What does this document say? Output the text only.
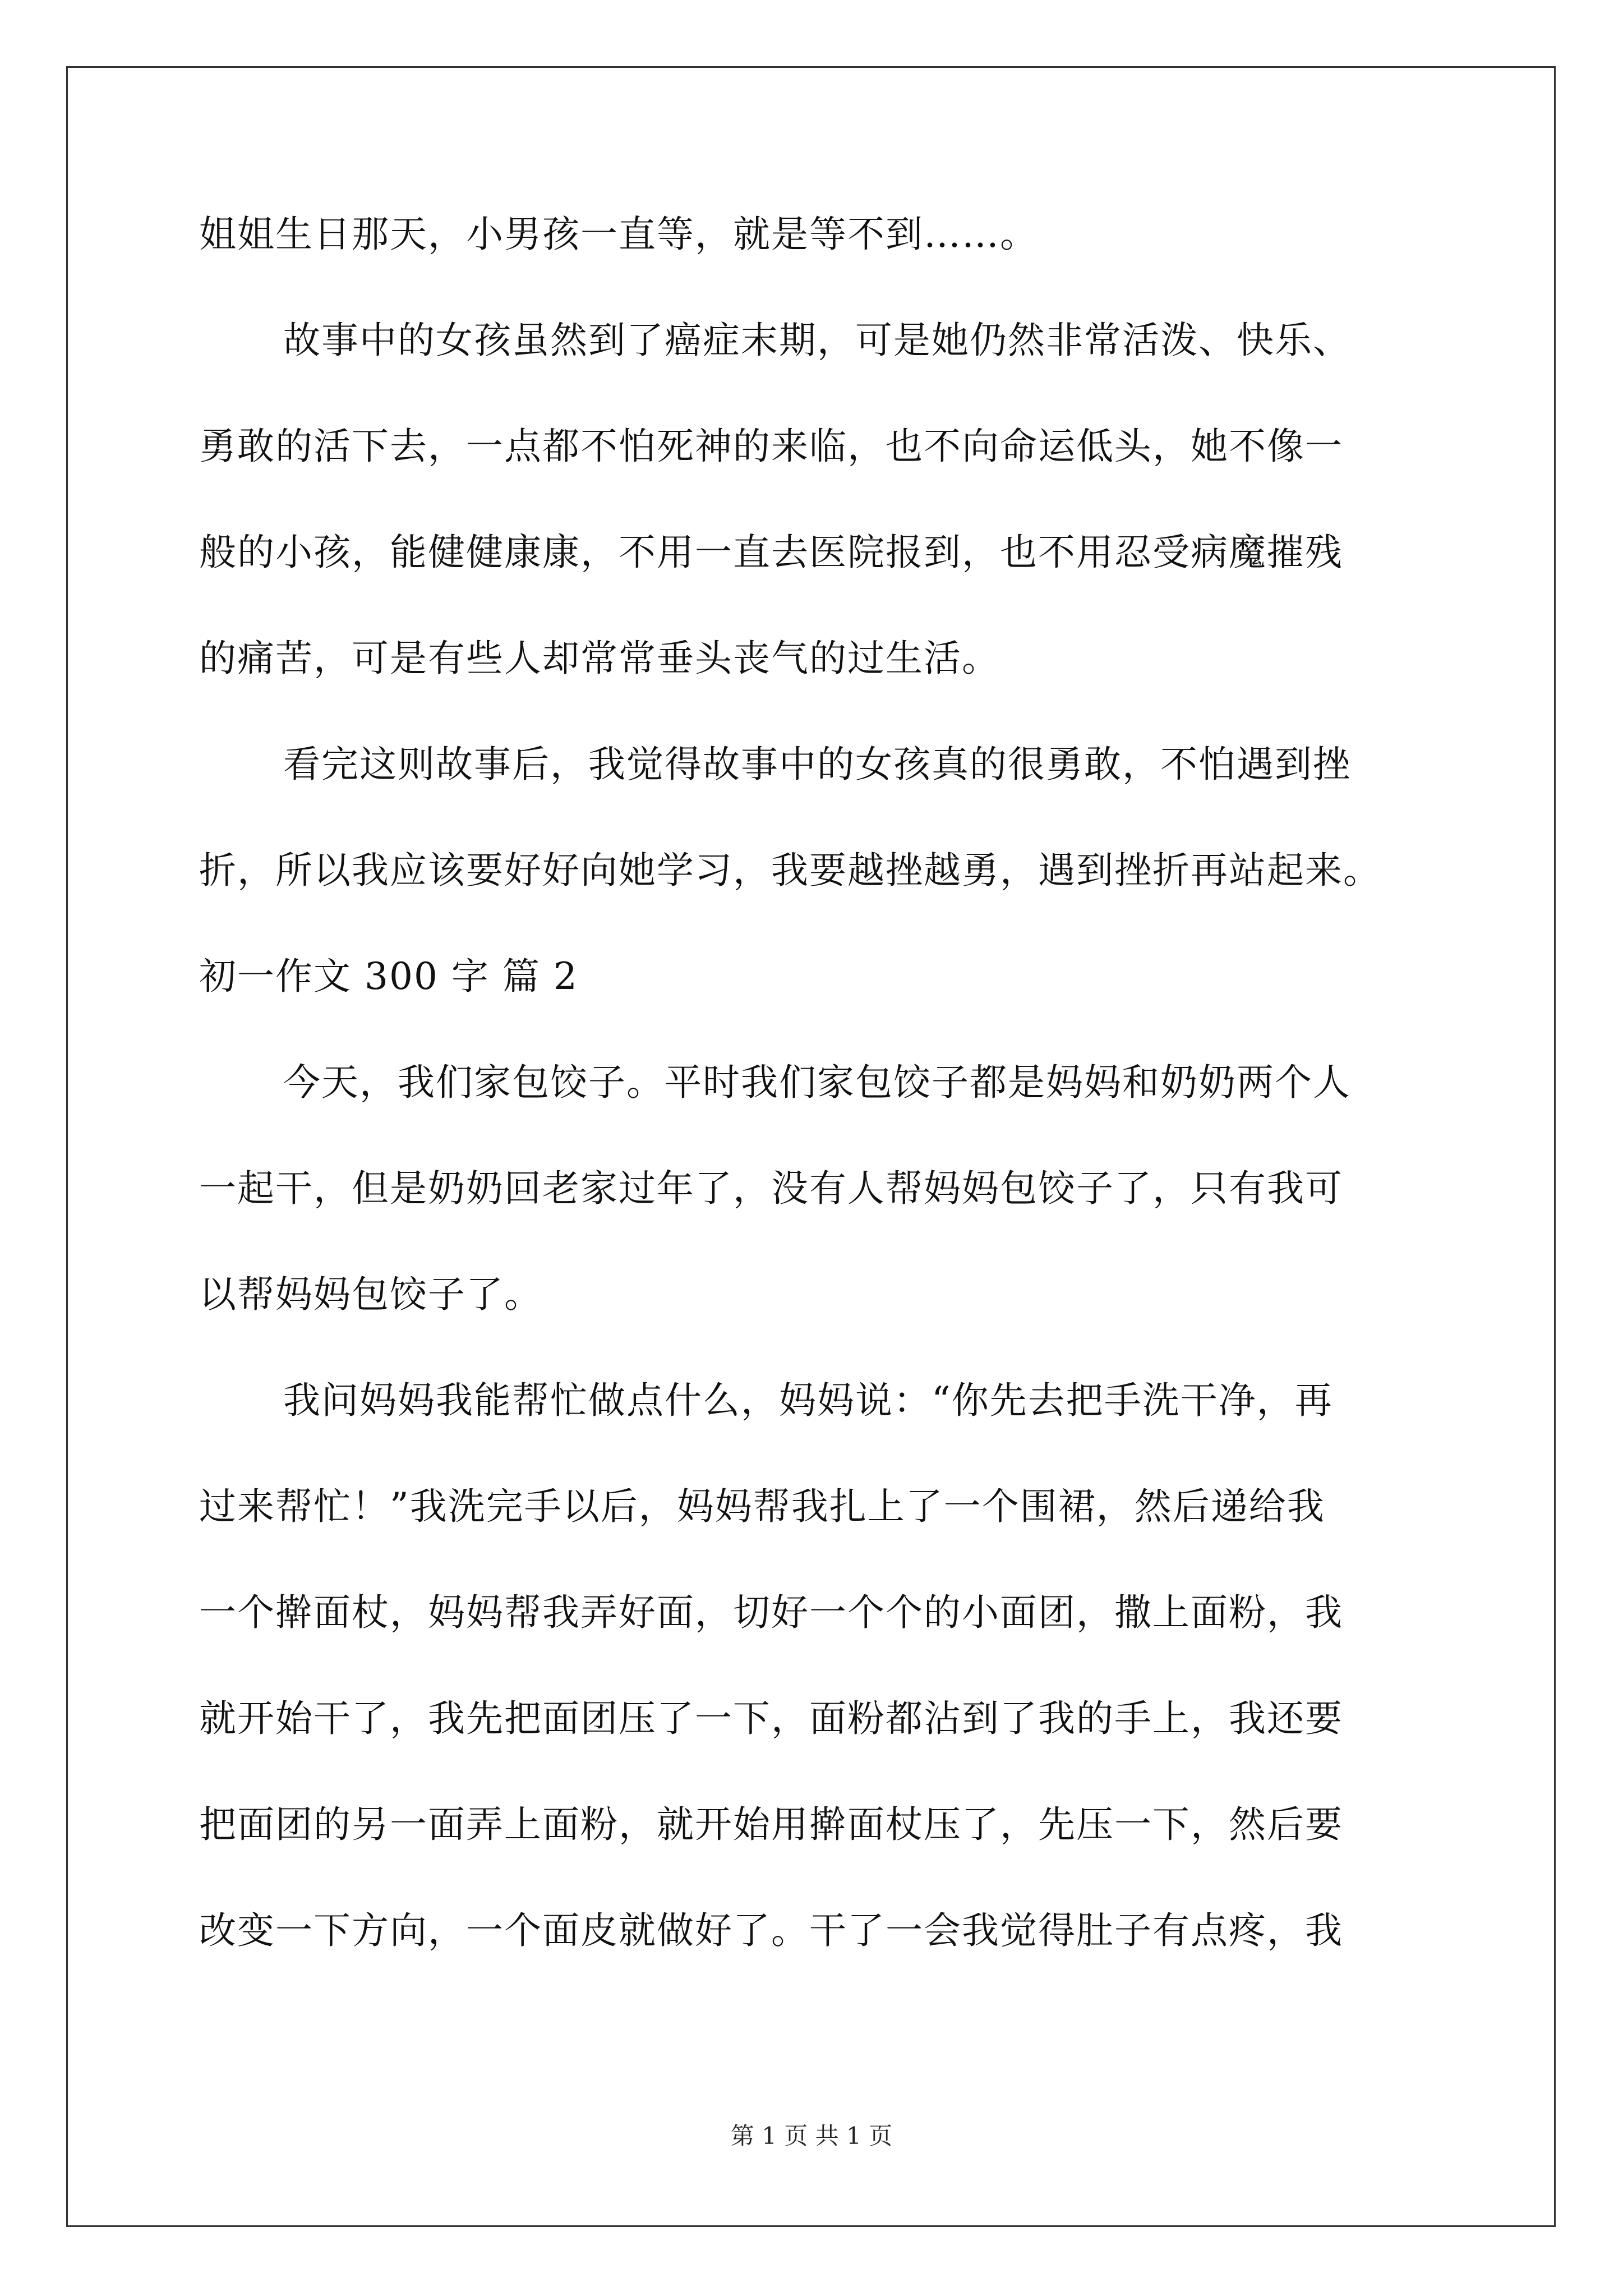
姐姐生日那天，小男孩一直等，就是等不到……。
故事中的女孩虽然到了癌症末期，可是她仍然非常活泼、快乐、
勇敢的活下去，一点都不怕死神的来临，也不向命运低头，她不像一
般的小孩，能健健康康，不用一直去医院报到，也不用忍受病魔摧残
的痛苦，可是有些人却常常垂头丧气的过生活。
看完这则故事后，我觉得故事中的女孩真的很勇敢，不怕遇到挫
折，所以我应该要好好向她学习，我要越挫越勇，遇到挫折再站起来。
初一作文 300 字 篇 2
今天，我们家包饺子。平时我们家包饺子都是妈妈和奶奶两个人
一起干，但是奶奶回老家过年了，没有人帮妈妈包饺子了，只有我可
以帮妈妈包饺子了。
我问妈妈我能帮忙做点什么，妈妈说：“你先去把手洗干净，再
过来帮忙！”我洗完手以后，妈妈帮我扎上了一个围裙，然后递给我
一个擀面杖，妈妈帮我弄好面，切好一个个的小面团，撒上面粉，我
就开始干了，我先把面团压了一下，面粉都沾到了我的手上，我还要
把面团的另一面弄上面粉，就开始用擀面杖压了，先压一下，然后要
改变一下方向，一个面皮就做好了。干了一会我觉得肚子有点疼，我
第 1 页 共 1 页
